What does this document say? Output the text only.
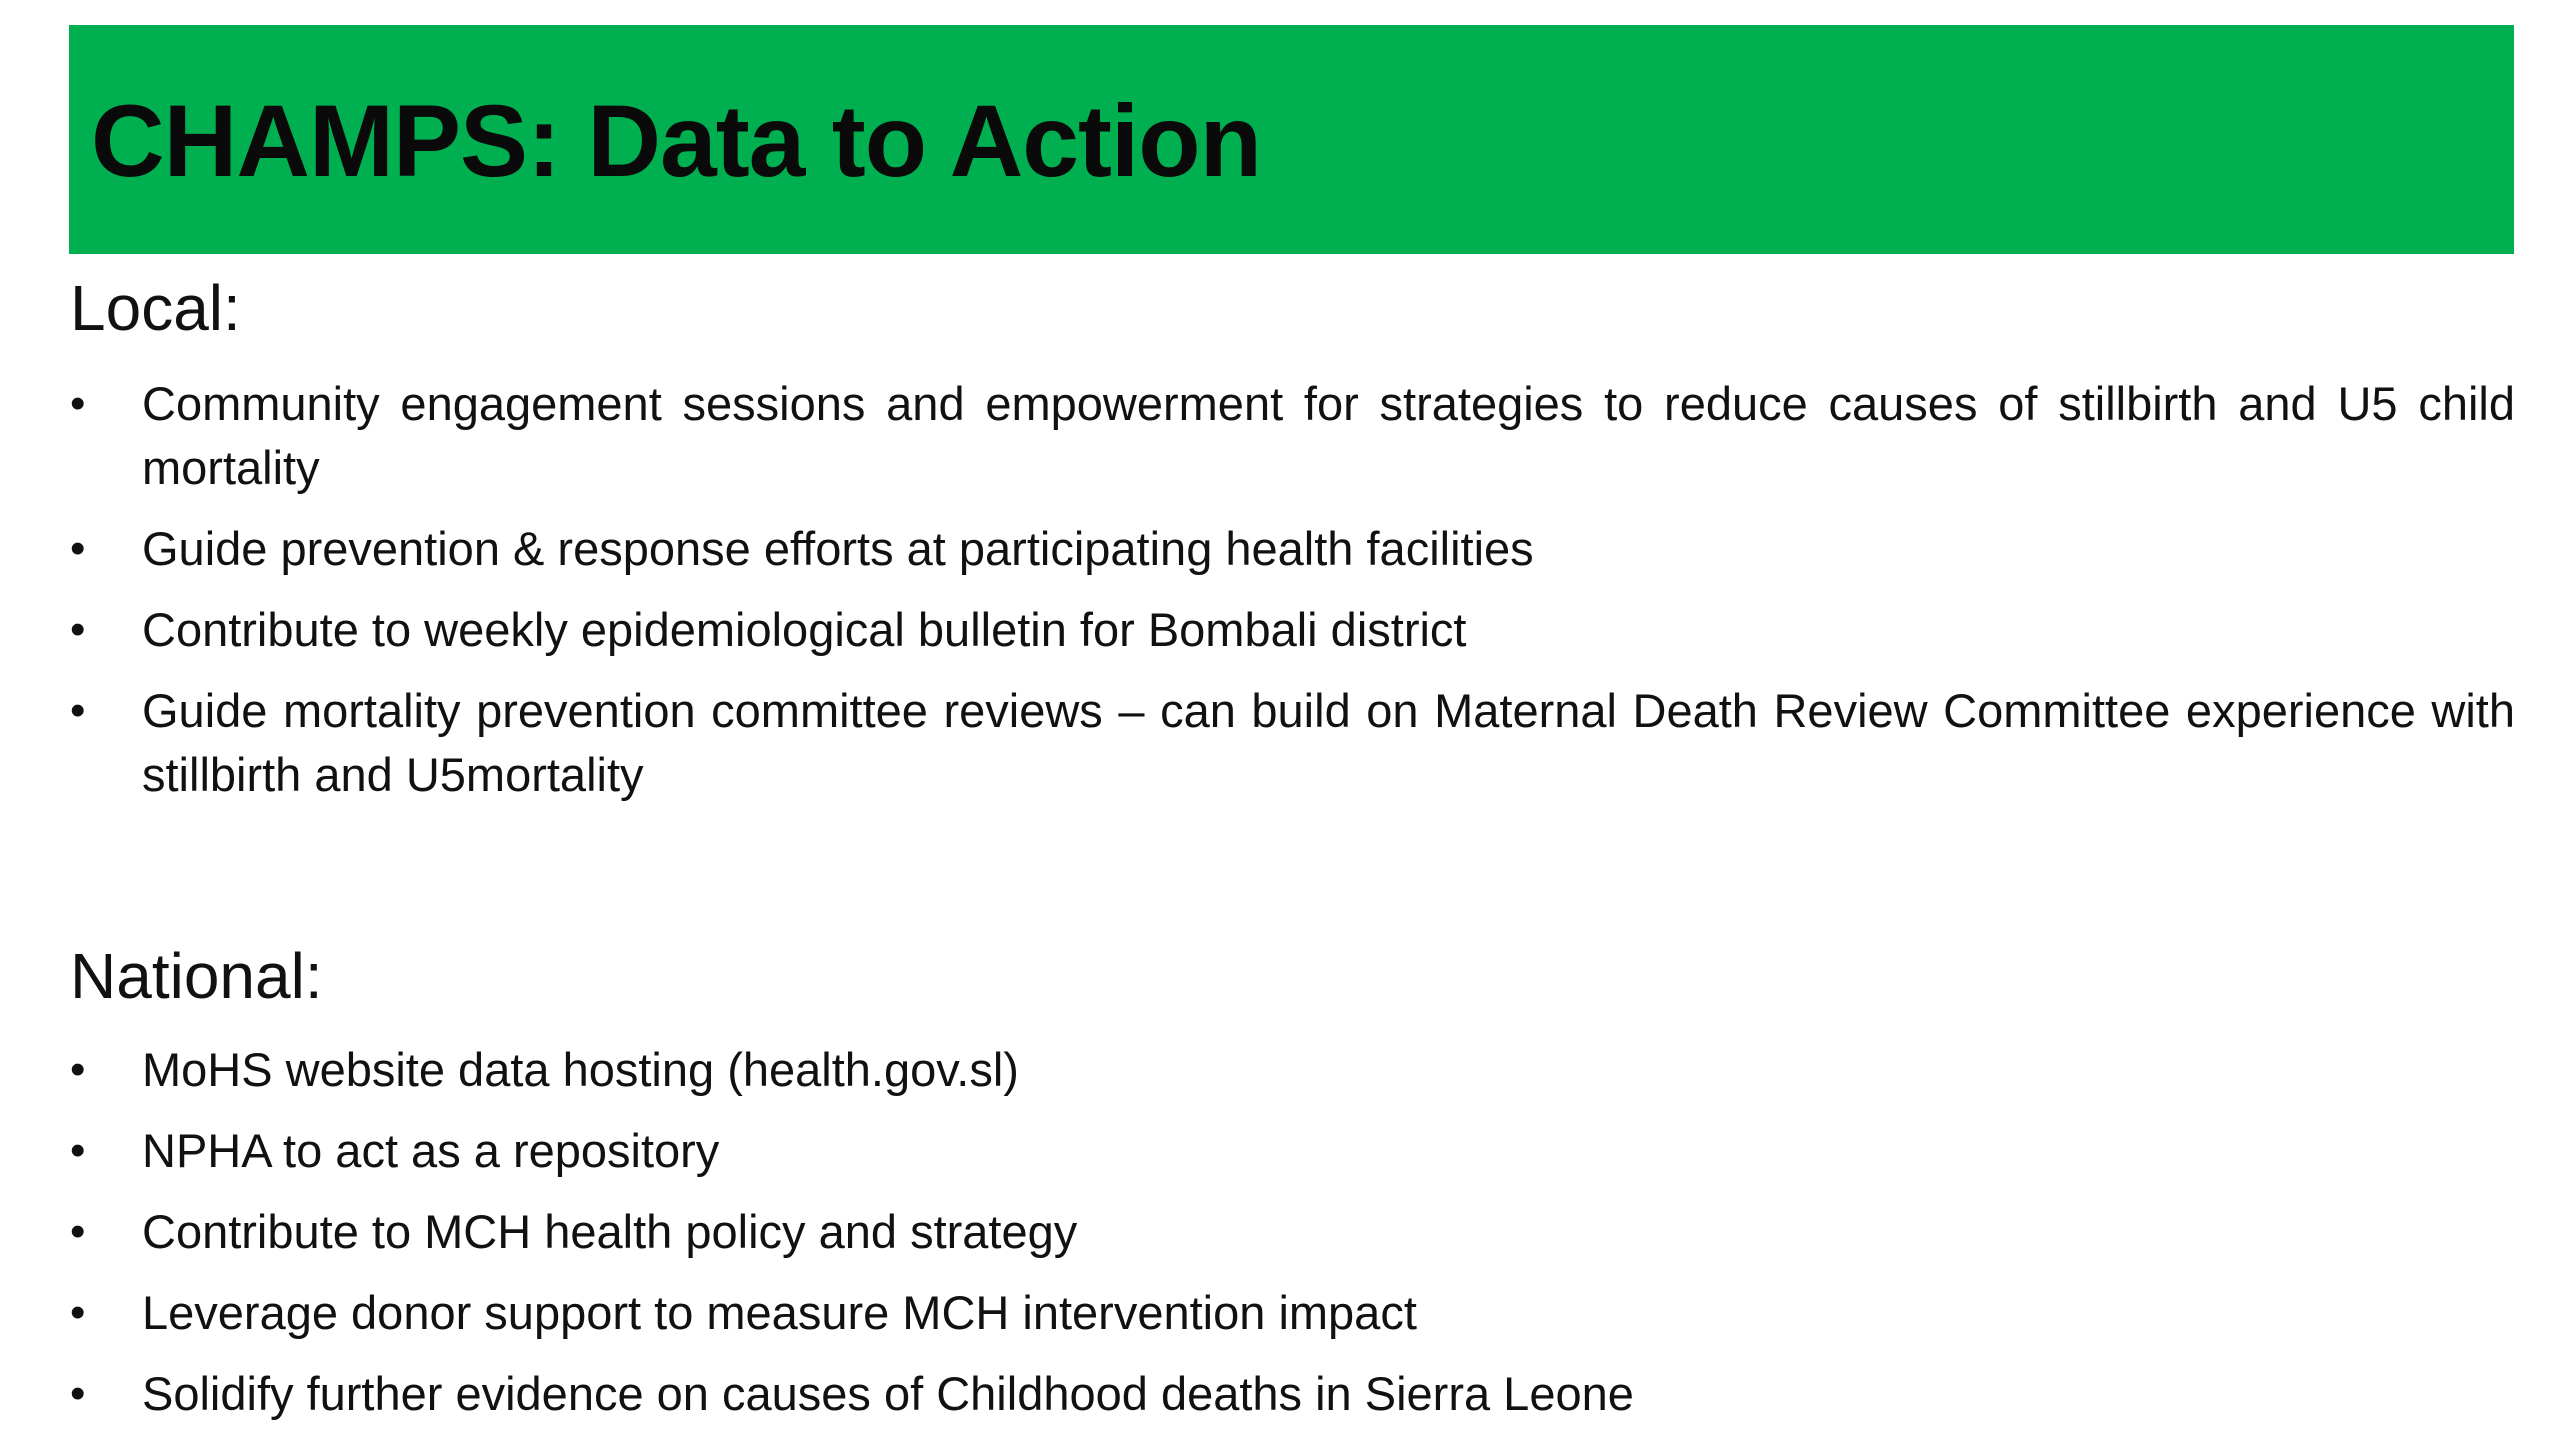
CHAMPS: Data to Action
Local:
•	Community engagement sessions and empowerment for strategies to reduce causes of stillbirth and U5 child mortality
•	Guide prevention & response efforts at participating health facilities
•	Contribute to weekly epidemiological bulletin for Bombali district
•	Guide mortality prevention committee reviews – can build on Maternal Death Review Committee experience with stillbirth and U5mortality
National:
•	MoHS website data hosting (health.gov.sl)
•	NPHA to act as a repository
•	Contribute to MCH health policy and strategy
•	Leverage donor support to measure MCH intervention impact
•	Solidify further evidence on causes of Childhood deaths in Sierra Leone
